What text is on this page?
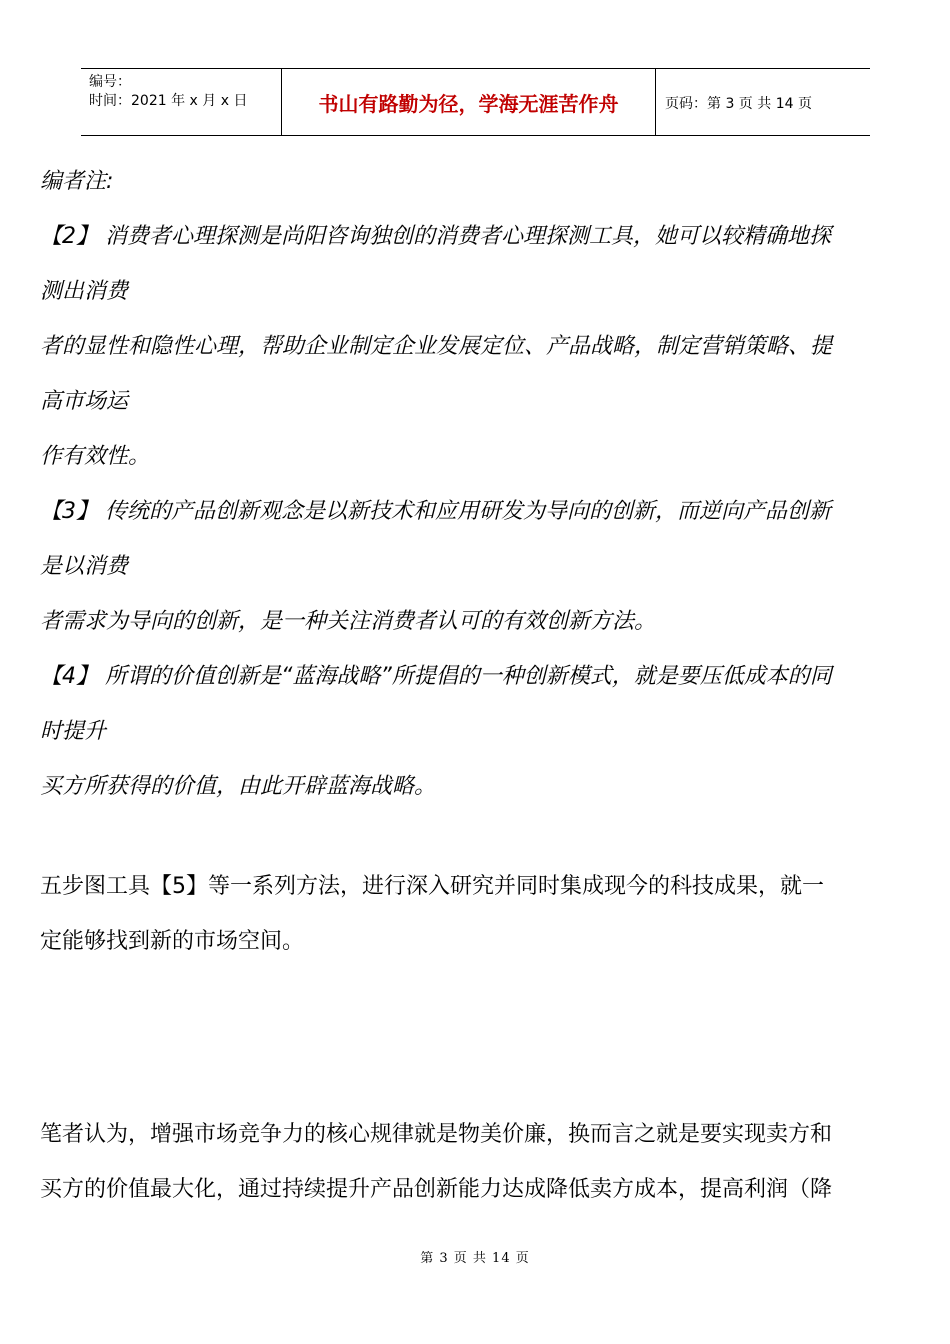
编号：
时间：2021 年 x 月 x 日	书山有路勤为径，学海无涯苦作舟	页码：第 3 页 共 14 页
编者注:
【2】 消费者心理探测是尚阳咨询独创的消费者心理探测工具，她可以较精确地探
测出消费
者的显性和隐性心理，帮助企业制定企业发展定位、产品战略，制定营销策略、提
高市场运
作有效性。
【3】 传统的产品创新观念是以新技术和应用研发为导向的创新，而逆向产品创新
是以消费
者需求为导向的创新，是一种关注消费者认可的有效创新方法。
【4】 所谓的价值创新是“蓝海战略”所提倡的一种创新模式，就是要压低成本的同
时提升
买方所获得的价值，由此开辟蓝海战略。
五步图工具【5】等一系列方法，进行深入研究并同时集成现今的科技成果，就一
定能够找到新的市场空间。
笔者认为，增强市场竞争力的核心规律就是物美价廉，换而言之就是要实现卖方和
买方的价值最大化，通过持续提升产品创新能力达成降低卖方成本，提高利润（降
第 3 页 共 14 页
